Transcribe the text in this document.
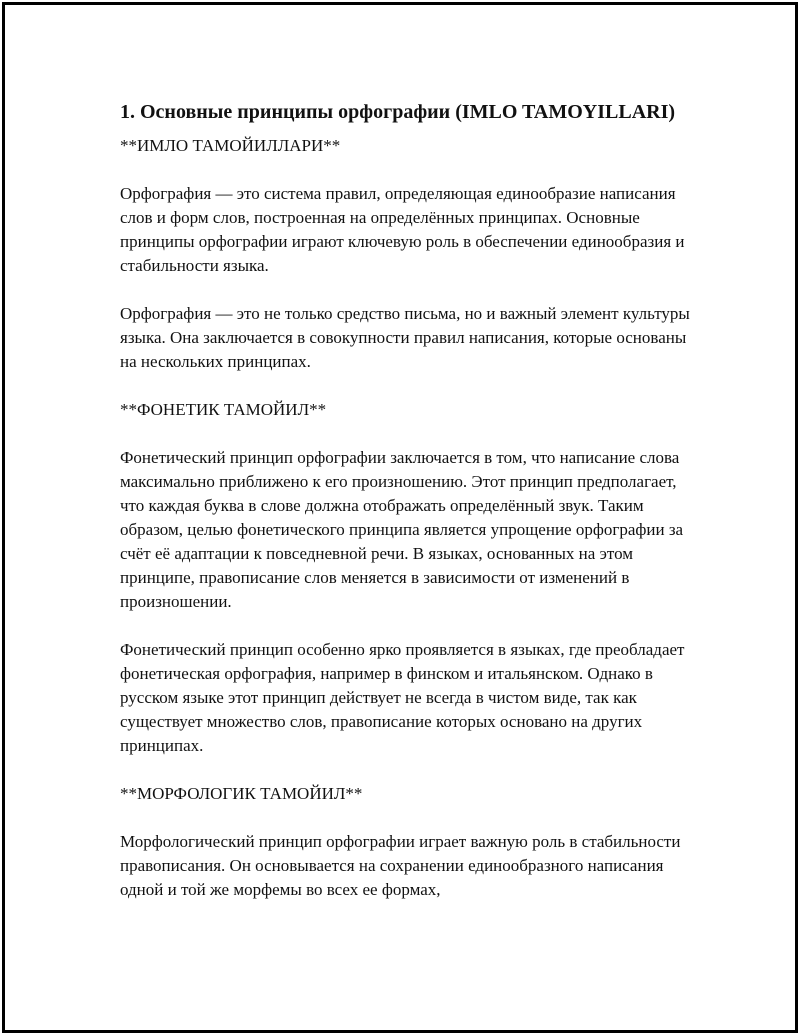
1. Основные принципы орфографии (IMLO TAMOYILLARI)
**ИМЛО ТАМОЙИЛЛАРИ**

Орфография — это система правил, определяющая единообразие написания слов и форм слов, построенная на определённых принципах. Основные принципы орфографии играют ключевую роль в обеспечении единообразия и стабильности языка.

Орфография — это не только средство письма, но и важный элемент культуры языка. Она заключается в совокупности правил написания, которые основаны на нескольких принципах.

**ФОНЕТИК ТАМОЙИЛ**

Фонетический принцип орфографии заключается в том, что написание слова максимально приближено к его произношению. Этот принцип предполагает, что каждая буква в слове должна отображать определённый звук. Таким образом, целью фонетического принципа является упрощение орфографии за счёт её адаптации к повседневной речи. В языках, основанных на этом принципе, правописание слов меняется в зависимости от изменений в произношении.

Фонетический принцип особенно ярко проявляется в языках, где преобладает фонетическая орфография, например в финском и итальянском. Однако в русском языке этот принцип действует не всегда в чистом виде, так как существует множество слов, правописание которых основано на других принципах.

**МОРФОЛОГИК ТАМОЙИЛ**

Морфологический принцип орфографии играет важную роль в стабильности правописания. Он основывается на сохранении единообразного написания одной и той же морфемы во всех ее формах,
